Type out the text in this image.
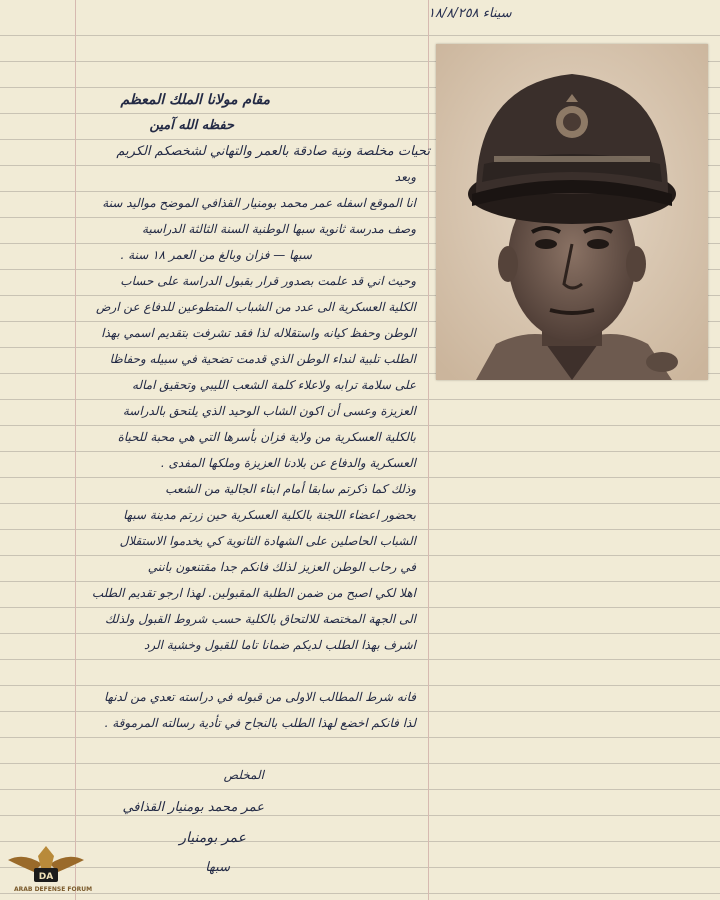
سيناء ١٨/٨/٢٥٨
مقام مولانا الملك المعظم
حفظه الله آمين
تحيات مخلصة ونية صادقة بالعمر والتهاني لشخصكم الكريم
وبعد
انا الموقع اسفله عمر محمد بومنيار القذافي الموضح مواليد سنة
وصف مدرسة ثانوية سبها الوطنية السنة الثالثة الدراسية
سبها — فزان وبالغ من العمر ١٨ سنة .
وحيث اني قد علمت بصدور قرار بقبول الدراسة على حساب
الكلية العسكرية الى عدد من الشباب المتطوعين للدفاع عن ارض
الوطن وحفظ كيانه واستقلاله لذا فقد تشرفت بتقديم اسمي بهذا
الطلب تلبية لنداء الوطن الذي قدمت تضحية في سبيله وحفاظا
على سلامة ترابه ولاعلاء كلمة الشعب الليبي وتحقيق اماله
العزيزة وعسى أن اكون الشاب الوحيد الذي يلتحق بالدراسة
بالكلية العسكرية من ولاية فزان بأسرها التي هي محبة للحياة
العسكرية والدفاع عن بلادنا العزيزة وملكها المفدى .
وذلك كما ذكرتم سابقا أمام ابناء الجالية من الشعب
بحضور اعضاء اللجنة بالكلية العسكرية حين زرتم مدينة سبها
الشباب الحاصلين على الشهادة الثانوية كي يخدموا الاستقلال
في رحاب الوطن العزيز لذلك فانكم جدا مقتنعون بانني
اهلا لكي اصبح من ضمن الطلبة المقبولين. لهذا ارجو تقديم الطلب
الى الجهة المختصة للالتحاق بالكلية حسب شروط القبول ولذلك
اشرف بهذا الطلب لديكم ضمانا تاما للقبول وخشية الرد
فانه شرط المطالب الاولى من قبوله في دراسته تعدي من لدنها
لذا فانكم اخضع لهذا الطلب بالنجاح في تأدية رسالته المرموقة .
المخلص
عمر محمد بومنيار القذافي
عمر بومنيار
سبها
DA
ARAB DEFENSE FORUM
